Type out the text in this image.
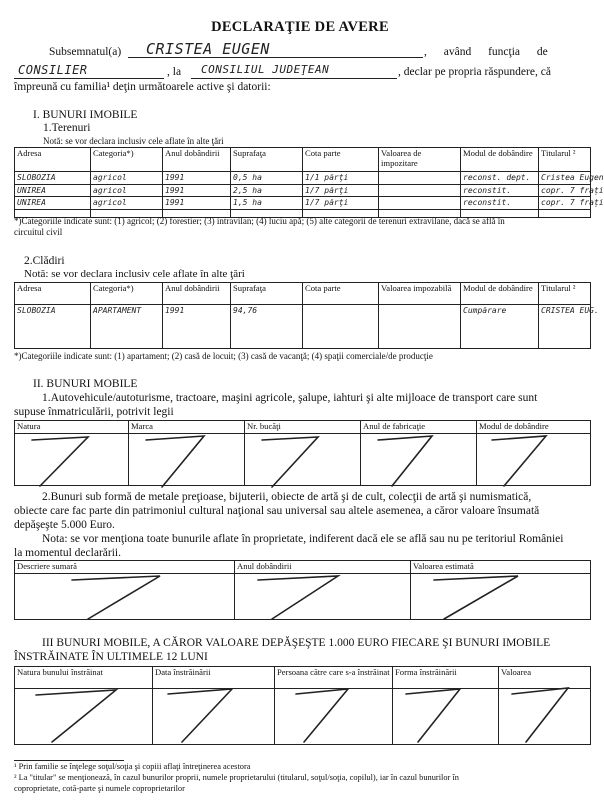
DECLARAŢIE DE AVERE
Subsemnatul(a) CRISTEA EUGEN	, având funcţia de
CONSILIER	, la CONSILIUL JUDEŢEAN	, declar pe propria răspundere, că
împreună cu familia¹ deţin următoarele active şi datorii:
I. BUNURI IMOBILE
1.Terenuri
Notă: se vor declara inclusiv cele aflate în alte ţări
Adresa	Categoria*)	Anul dobândirii	Suprafaţa	Cota parte	Valoarea de impozitare	Modul de dobândire	Titularul ²
SLOBOZIA	agricol	1991	0,5 ha	1/1 părţi		reconst. dept.	Cristea Eugen
UNIREA	agricol	1991	2,5 ha	1/7 părţi		reconstit.	copr. 7 frați
UNIREA	agricol	1991	1,5 ha	1/7 părţi		reconstit.	copr. 7 frați

*)Categoriile indicate sunt: (1) agricol; (2) forestier; (3) intravilan; (4) luciu apă; (5) alte categorii de terenuri extravilane, dacă se află în
circuitul civil
2.Clădiri
Notă: se vor declara inclusiv cele aflate în alte ţări
Adresa	Categoria*)	Anul dobândirii	Suprafaţa	Cota parte	Valoarea impozabilă	Modul de dobândire	Titularul ²
SLOBOZIA	APARTAMENT	1991	94,76			Cumpărare	CRISTEA EUG.
*)Categoriile indicate sunt: (1) apartament; (2) casă de locuit; (3) casă de vacanţă; (4) spaţii comerciale/de producţie
II. BUNURI MOBILE
1.Autovehicule/autoturisme, tractoare, maşini agricole, şalupe, iahturi şi alte mijloace de transport care sunt
supuse înmatriculării, potrivit legii
Natura	Marca	Nr. bucăţi	Anul de fabricaţie	Modul de dobândire

2.Bunuri sub formă de metale preţioase, bijuterii, obiecte de artă şi de cult, colecţii de artă şi numismatică,
obiecte care fac parte din patrimoniul cultural naţional sau universal sau altele asemenea, a căror valoare însumată
depăşeşte 5.000 Euro.
Nota: se vor menţiona toate bunurile aflate în proprietate, indiferent dacă ele se află sau nu pe teritoriul României
la momentul declarării.
Descriere sumară	Anul dobândirii	Valoarea estimată

III BUNURI MOBILE, A CĂROR VALOARE DEPĂŞEŞTE 1.000 EURO FIECARE ŞI BUNURI IMOBILE
ÎNSTRĂINATE ÎN ULTIMELE 12 LUNI
Natura bunului înstrăinat	Data înstrăinării	Persoana către care s-a înstrăinat	Forma înstrăinării	Valoarea

¹ Prin familie se înţelege soţul/soţia şi copiii aflaţi întreţinerea acestora
² La "titular" se menţionează, în cazul bunurilor proprii, numele proprietarului (titularul, soţul/soţia, copilul), iar în cazul bunurilor în
coproprietate, cotă-parte şi numele coproprietarilor
